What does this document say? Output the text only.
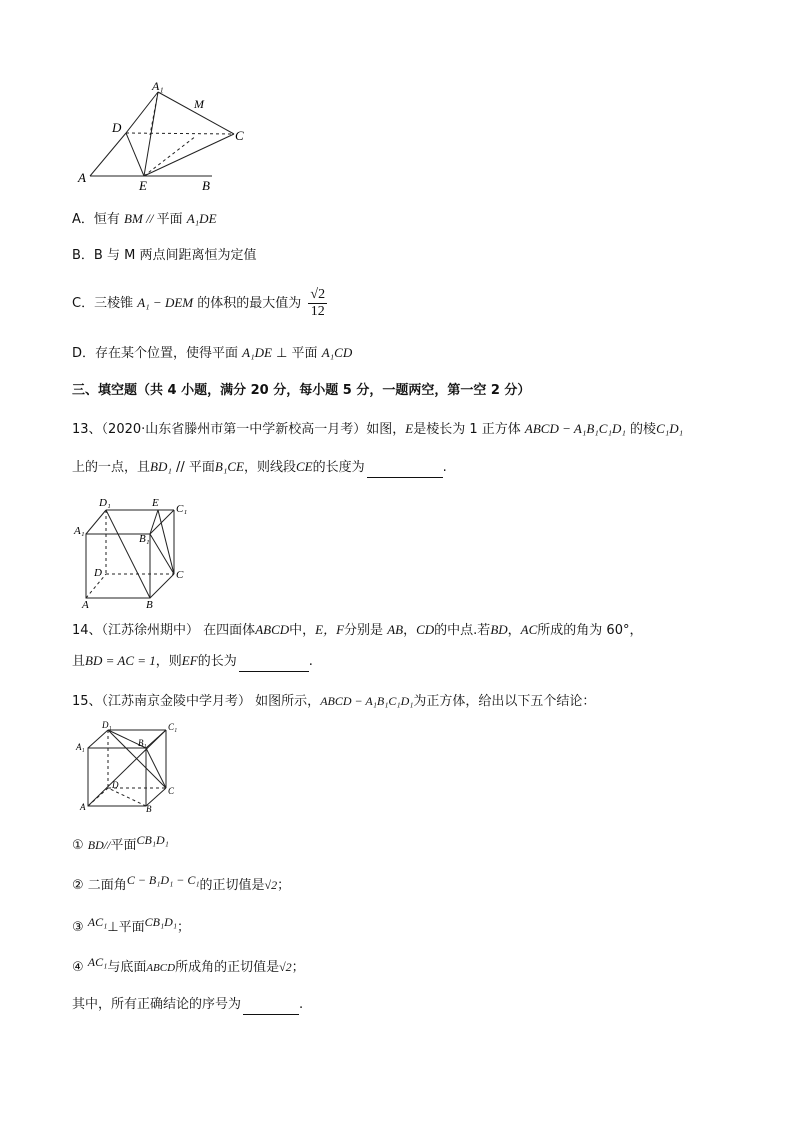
A₁
M
D
C
A
E	B
A．恒有 BM // 平面 A₁DE
B．B 与 M 两点间距离恒为定值
C．三棱锥 A₁ − DEM 的体积的最大值为 $\frac{√2}{12}$
D．存在某个位置，使得平面 A₁DE ⊥ 平面 A₁CD
三、填空题（共 4 小题，满分 20 分，每小题 5 分，一题两空，第一空 2 分）
13、（2020·山东省滕州市第一中学新校高一月考）如图，E是棱长为 1 正方体 ABCD − A₁B₁C₁D₁ 的棱C₁D₁
上的一点，且BD₁ // 平面B₁CE，则线段CE的长度为	.
D₁	E C₁
A₁
B₁
D	C
A	B
14、（江苏徐州期中） 在四面体ABCD中，E，F分别是 AB，CD的中点.若BD，AC所成的角为 60°，
且BD = AC = 1，则EF的长为	.
15、（江苏南京金陵中学月考） 如图所示，ABCD − A₁B₁C₁D₁为正方体，给出以下五个结论：
D₁	C₁
A₁	B₁
D
A	B
C
① BD//平面CB₁D₁
② 二面角C − B₁D₁ − C₁的正切值是√2；
③ AC₁⊥平面CB₁D₁；
④ AC₁与底面ABCD所成角的正切值是√2；
其中，所有正确结论的序号为	.
